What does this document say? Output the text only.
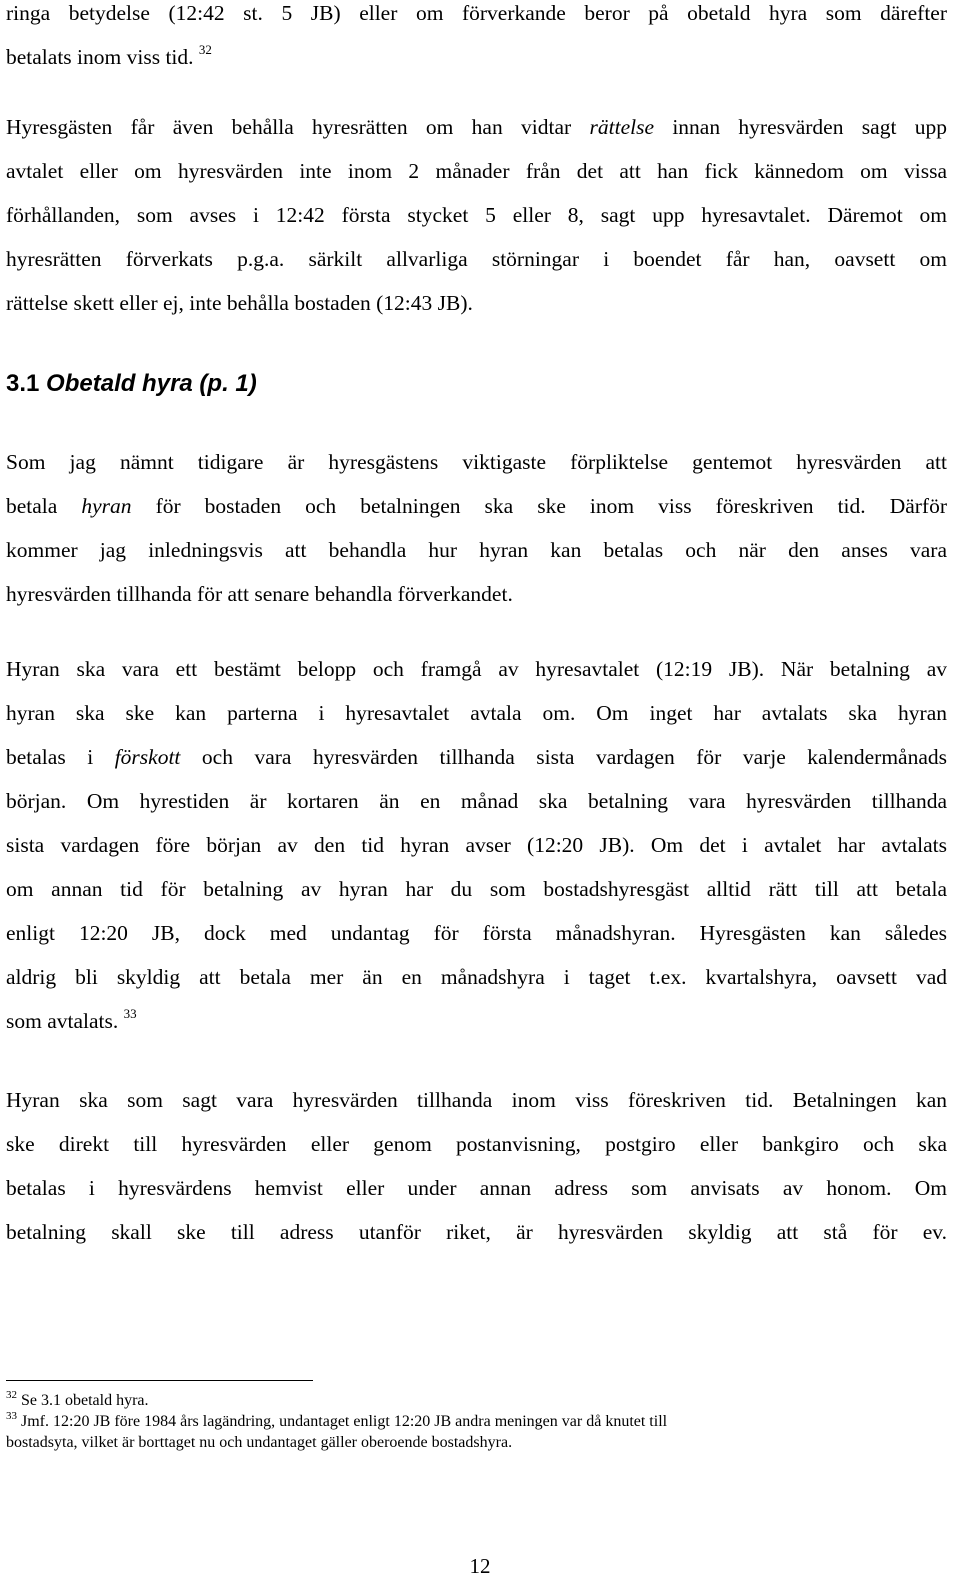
ringa betydelse (12:42 st. 5 JB) eller om förverkande beror på obetald hyra som därefter
betalats inom viss tid. $^{32}$

Hyresgästen får även behålla hyresrätten om han vidtar rättelse innan hyresvärden sagt upp
avtalet eller om hyresvärden inte inom 2 månader från det att han fick kännedom om vissa
förhållanden, som avses i 12:42 första stycket 5 eller 8, sagt upp hyresavtalet. Däremot om
hyresrätten förverkats p.g.a. särkilt allvarliga störningar i boendet får han, oavsett om
rättelse skett eller ej, inte behålla bostaden (12:43 JB).

3.1 Obetald hyra (p. 1)

Som jag nämnt tidigare är hyresgästens viktigaste förpliktelse gentemot hyresvärden att
betala hyran för bostaden och betalningen ska ske inom viss föreskriven tid. Därför
kommer jag inledningsvis att behandla hur hyran kan betalas och när den anses vara
hyresvärden tillhanda för att senare behandla förverkandet.

Hyran ska vara ett bestämt belopp och framgå av hyresavtalet (12:19 JB). När betalning av
hyran ska ske kan parterna i hyresavtalet avtala om. Om inget har avtalats ska hyran
betalas i förskott och vara hyresvärden tillhanda sista vardagen för varje kalendermånads
början. Om hyrestiden är kortaren än en månad ska betalning vara hyresvärden tillhanda
sista vardagen före början av den tid hyran avser (12:20 JB). Om det i avtalet har avtalats
om annan tid för betalning av hyran har du som bostadshyresgäst alltid rätt till att betala
enligt 12:20 JB, dock med undantag för första månadshyran. Hyresgästen kan således
aldrig bli skyldig att betala mer än en månadshyra i taget t.ex. kvartalshyra, oavsett vad
som avtalats. $^{33}$

Hyran ska som sagt vara hyresvärden tillhanda inom viss föreskriven tid. Betalningen kan
ske direkt till hyresvärden eller genom postanvisning, postgiro eller bankgiro och ska
betalas i hyresvärdens hemvist eller under annan adress som anvisats av honom. Om
betalning skall ske till adress utanför riket, är hyresvärden skyldig att stå för ev.

$^{32}$ Se 3.1 obetald hyra.

$^{33}$ Jmf. 12:20 JB före 1984 års lagändring, undantaget enligt 12:20 JB andra meningen var då knutet till
bostadsyta, vilket är borttaget nu och undantaget gäller oberoende bostadshyra.

12
